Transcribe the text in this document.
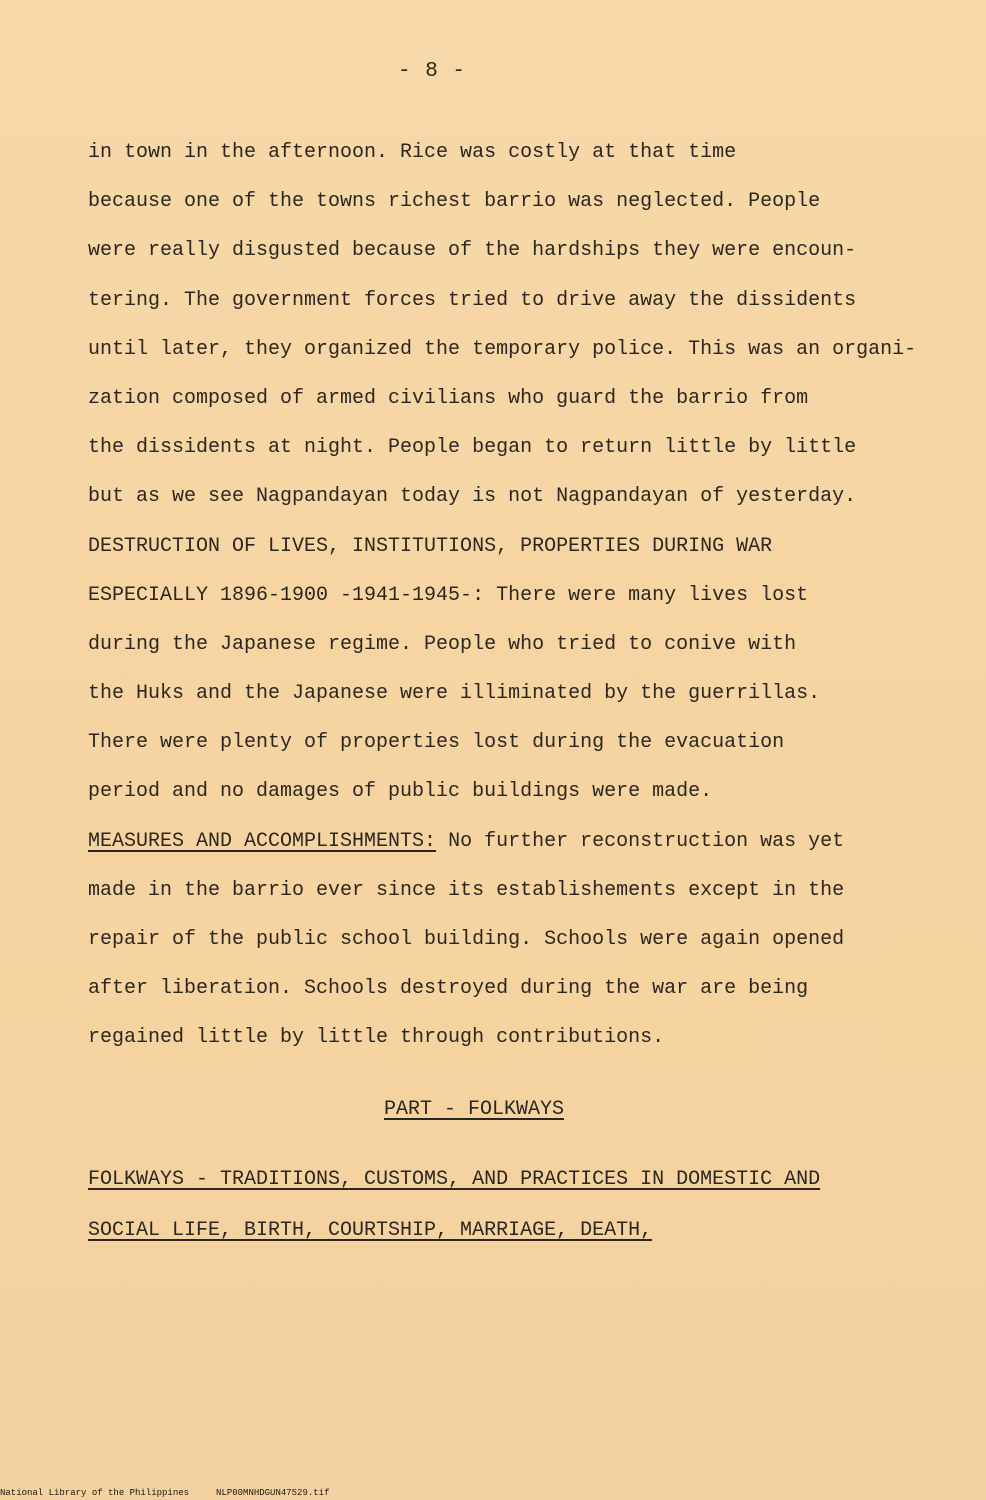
- 8 -
in town in the afternoon. Rice was costly at that time
because one of the towns richest barrio was neglected. People
were really disgusted because of the hardships they were encoun-
tering. The government forces tried to drive away the dissidents
until later, they organized the temporary police. This was an organi-
zation composed of armed civilians who guard the barrio from
the dissidents at night. People began to return little by little
but as we see Nagpandayan today is not Nagpandayan of yesterday.
DESTRUCTION OF LIVES, INSTITUTIONS, PROPERTIES DURING WAR
ESPECIALLY 1896-1900 -1941-1945-: There were many lives lost
during the Japanese regime. People who tried to conive with
the Huks and the Japanese were illiminated by the guerrillas.
There were plenty of properties lost during the evacuation
period and no damages of public buildings were made.
MEASURES AND ACCOMPLISHMENTS: No further reconstruction was yet
made in the barrio ever since its establishements except in the
repair of the public school building. Schools were again opened
after liberation. Schools destroyed during the war are being
regained little by little through contributions.
PART - FOLKWAYS
FOLKWAYS - TRADITIONS, CUSTOMS, AND PRACTICES IN DOMESTIC AND
SOCIAL LIFE, BIRTH, COURTSHIP, MARRIAGE, DEATH,
National Library of the Philippines	NLP00MNHDGUN47529.tif
